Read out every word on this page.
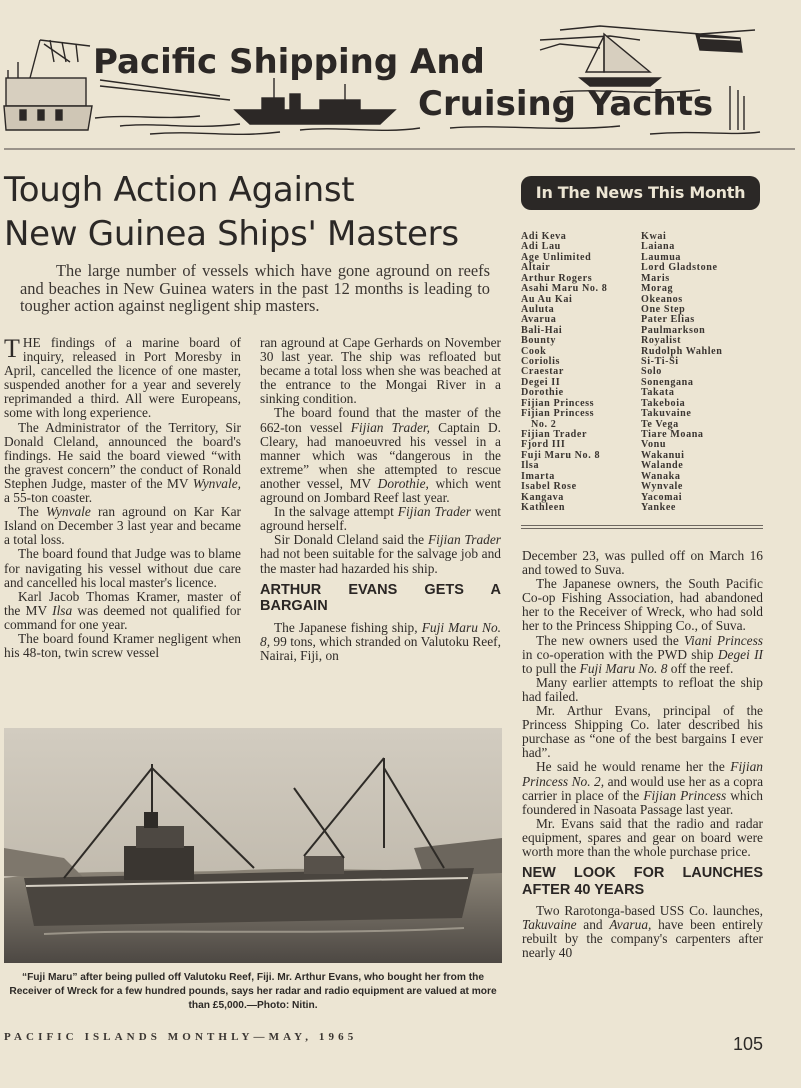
Pacific Shipping And
Cruising Yachts
Tough Action Against
New Guinea Ships' Masters
The large number of vessels which have gone aground on reefs and beaches in New Guinea waters in the past 12 months is leading to tougher action against negligent ship masters.

THE findings of a marine board of inquiry, released in Port Moresby in April, cancelled the licence of one master, suspended another for a year and severely reprimanded a third. All were Europeans, some with long experience.

The Administrator of the Territory, Sir Donald Cleland, announced the board's findings. He said the board viewed “with the gravest concern” the conduct of Ronald Stephen Judge, master of the MV Wynvale, a 55-ton coaster.

The Wynvale ran aground on Kar Kar Island on December 3 last year and became a total loss.

The board found that Judge was to blame for navigating his vessel without due care and cancelled his local master's licence.

Karl Jacob Thomas Kramer, master of the MV Ilsa was deemed not qualified for command for one year.

The board found Kramer negligent when his 48-ton, twin screw vessel

ran aground at Cape Gerhards on November 30 last year. The ship was refloated but became a total loss when she was beached at the entrance to the Mongai River in a sinking condition.

The board found that the master of the 662-ton vessel Fijian Trader, Captain D. Cleary, had manoeuvred his vessel in a manner which was “dangerous in the extreme” when she attempted to rescue another vessel, MV Dorothie, which went aground on Jombard Reef last year.

In the salvage attempt Fijian Trader went aground herself.

Sir Donald Cleland said the Fijian Trader had not been suitable for the salvage job and the master had hazarded his ship.

ARTHUR EVANS GETS A BARGAIN

The Japanese fishing ship, Fuji Maru No. 8, 99 tons, which stranded on Valutoku Reef, Nairai, Fiji, on

“Fuji Maru” after being pulled off Valutoku Reef, Fiji. Mr. Arthur Evans, who bought her from the Receiver of Wreck for a few hundred pounds, says her radar and radio equipment are valued at more than £5,000.—Photo: Nitin.
In The News This Month
Adi Keva
Adi Lau
Age Unlimited
Altair
Arthur Rogers
Asahi Maru No. 8
Au Au Kai
Auluta
Avarua
Bali-Hai
Bounty
Cook
Coriolis
Craestar
Degei II
Dorothie
Fijian Princess
Fijian Princess
No. 2
Fijian Trader
Fjord III
Fuji Maru No. 8
Ilsa
Imarta
Isabel Rose
Kangava
Kathleen
Kwai
Laiana
Laumua
Lord Gladstone
Maris
Morag
Okeanos
One Step
Pater Elias
Paulmarkson
Royalist
Rudolph Wahlen
Si-Ti-Si
Solo
Sonengana
Takata
Takeboia
Takuvaine
Te Vega
Tiare Moana
Vonu
Wakanui
Walande
Wanaka
Wynvale
Yacomai
Yankee

December 23, was pulled off on March 16 and towed to Suva.

The Japanese owners, the South Pacific Co-op Fishing Association, had abandoned her to the Receiver of Wreck, who had sold her to the Princess Shipping Co., of Suva.

The new owners used the Viani Princess in co-operation with the PWD ship Degei II to pull the Fuji Maru No. 8 off the reef.

Many earlier attempts to refloat the ship had failed.

Mr. Arthur Evans, principal of the Princess Shipping Co. later described his purchase as “one of the best bargains I ever had”.

He said he would rename her the Fijian Princess No. 2, and would use her as a copra carrier in place of the Fijian Princess which foundered in Nasoata Passage last year.

Mr. Evans said that the radio and radar equipment, spares and gear on board were worth more than the whole purchase price.

NEW LOOK FOR LAUNCHES AFTER 40 YEARS

Two Rarotonga-based USS Co. launches, Takuvaine and Avarua, have been entirely rebuilt by the company's carpenters after nearly 40

PACIFIC ISLANDS MONTHLY—MAY, 1965	105
